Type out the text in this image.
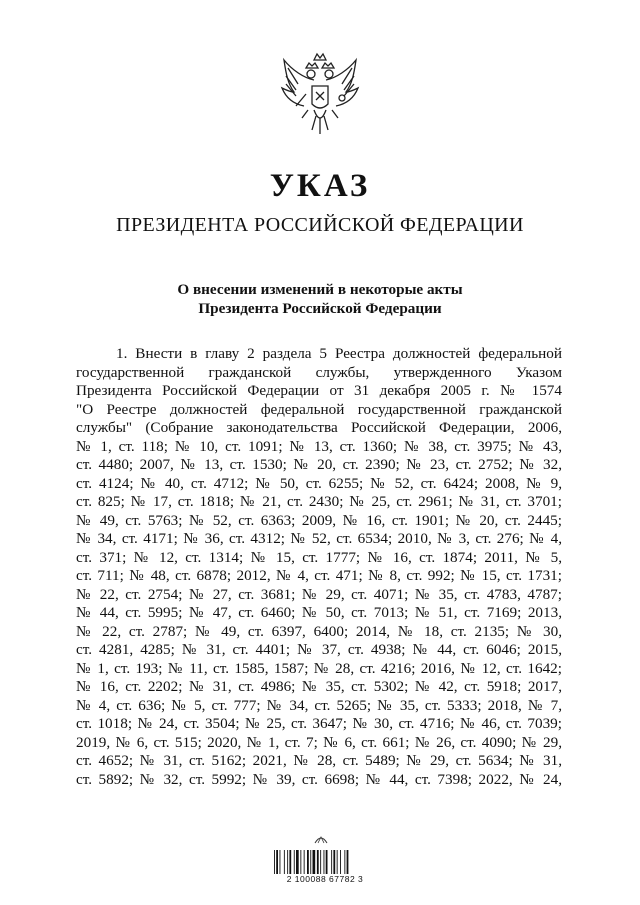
УКАЗ
ПРЕЗИДЕНТА РОССИЙСКОЙ ФЕДЕРАЦИИ
О внесении изменений в некоторые акты
Президента Российской Федерации
1. Внести в главу 2 раздела 5 Реестра должностей федеральной
государственной гражданской службы, утвержденного Указом
Президента Российской Федерации от 31 декабря 2005 г. № 1574
"О Реестре должностей федеральной государственной гражданской
службы" (Собрание законодательства Российской Федерации, 2006,
№ 1, ст. 118; № 10, ст. 1091; № 13, ст. 1360; № 38, ст. 3975; № 43,
ст. 4480; 2007, № 13, ст. 1530; № 20, ст. 2390; № 23, ст. 2752; № 32,
ст. 4124; № 40, ст. 4712; № 50, ст. 6255; № 52, ст. 6424; 2008, № 9,
ст. 825; № 17, ст. 1818; № 21, ст. 2430; № 25, ст. 2961; № 31, ст. 3701;
№ 49, ст. 5763; № 52, ст. 6363; 2009, № 16, ст. 1901; № 20, ст. 2445;
№ 34, ст. 4171; № 36, ст. 4312; № 52, ст. 6534; 2010, № 3, ст. 276; № 4,
ст. 371; № 12, ст. 1314; № 15, ст. 1777; № 16, ст. 1874; 2011, № 5,
ст. 711; № 48, ст. 6878; 2012, № 4, ст. 471; № 8, ст. 992; № 15, ст. 1731;
№ 22, ст. 2754; № 27, ст. 3681; № 29, ст. 4071; № 35, ст. 4783, 4787;
№ 44, ст. 5995; № 47, ст. 6460; № 50, ст. 7013; № 51, ст. 7169; 2013,
№ 22, ст. 2787; № 49, ст. 6397, 6400; 2014, № 18, ст. 2135; № 30,
ст. 4281, 4285; № 31, ст. 4401; № 37, ст. 4938; № 44, ст. 6046; 2015,
№ 1, ст. 193; № 11, ст. 1585, 1587; № 28, ст. 4216; 2016, № 12, ст. 1642;
№ 16, ст. 2202; № 31, ст. 4986; № 35, ст. 5302; № 42, ст. 5918; 2017,
№ 4, ст. 636; № 5, ст. 777; № 34, ст. 5265; № 35, ст. 5333; 2018, № 7,
ст. 1018; № 24, ст. 3504; № 25, ст. 3647; № 30, ст. 4716; № 46, ст. 7039;
2019, № 6, ст. 515; 2020, № 1, ст. 7; № 6, ст. 661; № 26, ст. 4090; № 29,
ст. 4652; № 31, ст. 5162; 2021, № 28, ст. 5489; № 29, ст. 5634; № 31,
ст. 5892; № 32, ст. 5992; № 39, ст. 6698; № 44, ст. 7398; 2022, № 24,
2 100088 67782 3
